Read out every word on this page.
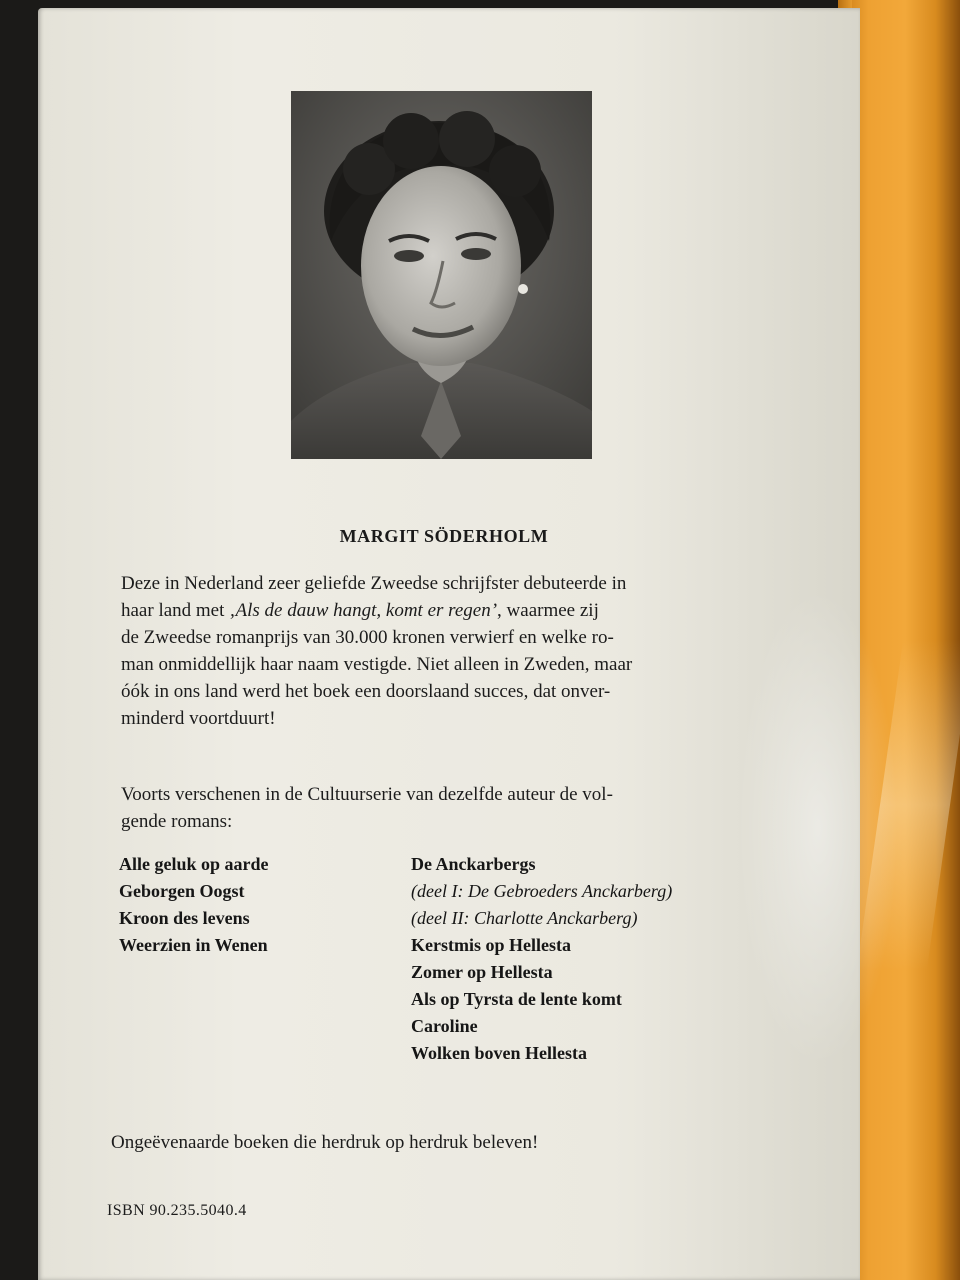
MARGIT SÖDERHOLM

Deze in Nederland zeer geliefde Zweedse schrijfster debuteerde in
haar land met ‚Als de dauw hangt, komt er regen’, waarmee zij
de Zweedse romanprijs van 30.000 kronen verwierf en welke ro-
man onmiddellijk haar naam vestigde. Niet alleen in Zweden, maar
óók in ons land werd het boek een doorslaand succes, dat onver-
minderd voortduurt!

Voorts verschenen in de Cultuurserie van dezelfde auteur de vol-
gende romans:

Alle geluk op aarde
Geborgen Oogst
Kroon des levens
Weerzien in Wenen
De Anckarbergs
(deel I: De Gebroeders Anckarberg)
(deel II: Charlotte Anckarberg)
Kerstmis op Hellesta
Zomer op Hellesta
Als op Tyrsta de lente komt
Caroline
Wolken boven Hellesta
Ongeëvenaarde boeken die herdruk op herdruk beleven!
ISBN 90.235.5040.4
